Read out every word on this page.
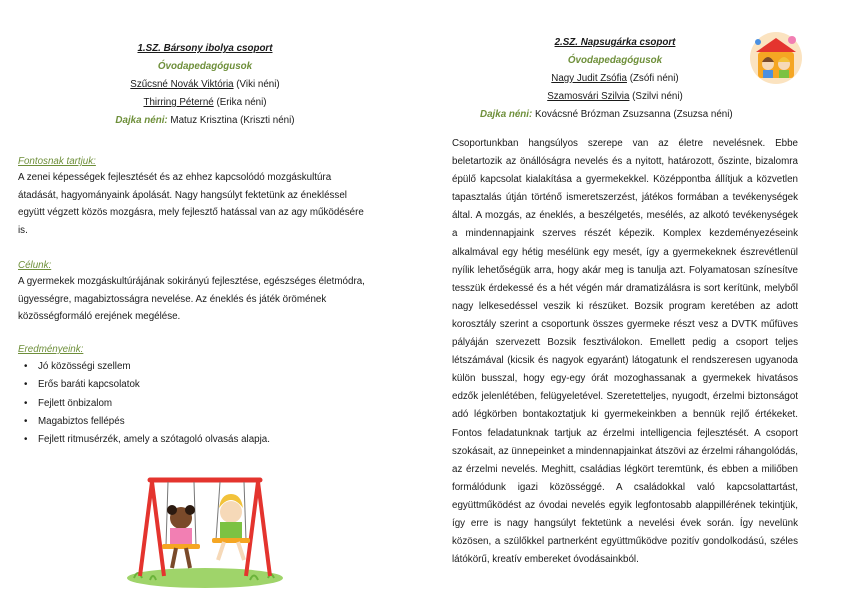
1.SZ. Bársony ibolya csoport
Óvodapedagógusok
Szűcsné Novák Viktória (Viki néni)
Thirring Péterné (Erika néni)
Dajka néni: Matuz Krisztina (Kriszti néni)
Fontosnak tartjuk:
A zenei képességek fejlesztését és az ehhez kapcsolódó mozgáskultúra átadását, hagyományaink ápolását. Nagy hangsúlyt fektetünk az énekléssel együtt végzett közös mozgásra, mely fejlesztő hatással van az agy működésére is.
Célunk:
A gyermekek mozgáskultúrájának sokirányú fejlesztése, egészséges életmódra, ügyességre, magabiztosságra nevelése. Az éneklés és játék örömének közösségformáló erejének megélése.
Eredményeink:
• Jó közösségi szellem
• Erős baráti kapcsolatok
• Fejlett önbizalom
• Magabiztos fellépés
• Fejlett ritmusérzék, amely a szótagoló olvasás alapja.
2.SZ. Napsugárka csoport
Óvodapedagógusok
Nagy Judit Zsófia (Zsófi néni)
Szamosvári Szilvia (Szilvi néni)
Dajka néni: Kovácsné Brózman Zsuzsanna (Zsuzsa néni)
Csoportunkban hangsúlyos szerepe van az életre nevelésnek. Ebbe beletartozik az önállóságra nevelés és a nyitott, határozott, őszinte, bizalomra épülő kapcsolat kialakítása a gyermekekkel. Középpontba állítjuk a közvetlen tapasztalás útján történő ismeretszerzést, játékos formában a tevékenységek által. A mozgás, az éneklés, a beszélgetés, mesélés, az alkotó tevékenységek a mindennapjaink szerves részét képezik. Komplex kezdeményezéseink alkalmával egy hétig mesélünk egy mesét, így a gyermekeknek észrevétlenül nyílik lehetőségük arra, hogy akár meg is tanulja azt. Folyamatosan színesítve tesszük érdekessé és a hét végén már dramatizálásra is sort kerítünk, melyből nagy lelkesedéssel veszik ki részüket. Bozsik program keretében az adott korosztály szerint a csoportunk összes gyermeke részt vesz a DVTK műfüves pályáján szervezett Bozsik fesztiválokon. Emellett pedig a csoport teljes létszámával (kicsik és nagyok egyaránt) látogatunk el rendszeresen ugyanoda külön busszal, hogy egy-egy órát mozoghassanak a gyermekek hivatásos edzők jelenlétében, felügyeletével. Szeretetteljes, nyugodt, érzelmi biztonságot adó légkörben bontakoztatjuk ki gyermekeinkben a bennük rejlő értékeket. Fontos feladatunknak tartjuk az érzelmi intelligencia fejlesztését. A csoport szokásait, az ünnepeinket a mindennapjainkat átszövi az érzelmi ráhangolódás, az érzelmi nevelés. Meghitt, családias légkört teremtünk, és ebben a miliőben formálódunk igazi közösséggé. A családokkal való kapcsolattartást, együttműködést az óvodai nevelés egyik legfontosabb alappillérének tekintjük, így erre is nagy hangsúlyt fektetünk a nevelési évek során. Így nevelünk közösen, a szülőkkel partnerként együttműködve pozitív gondolkodású, széles látókörű, kreatív embereket óvodásainkból.
